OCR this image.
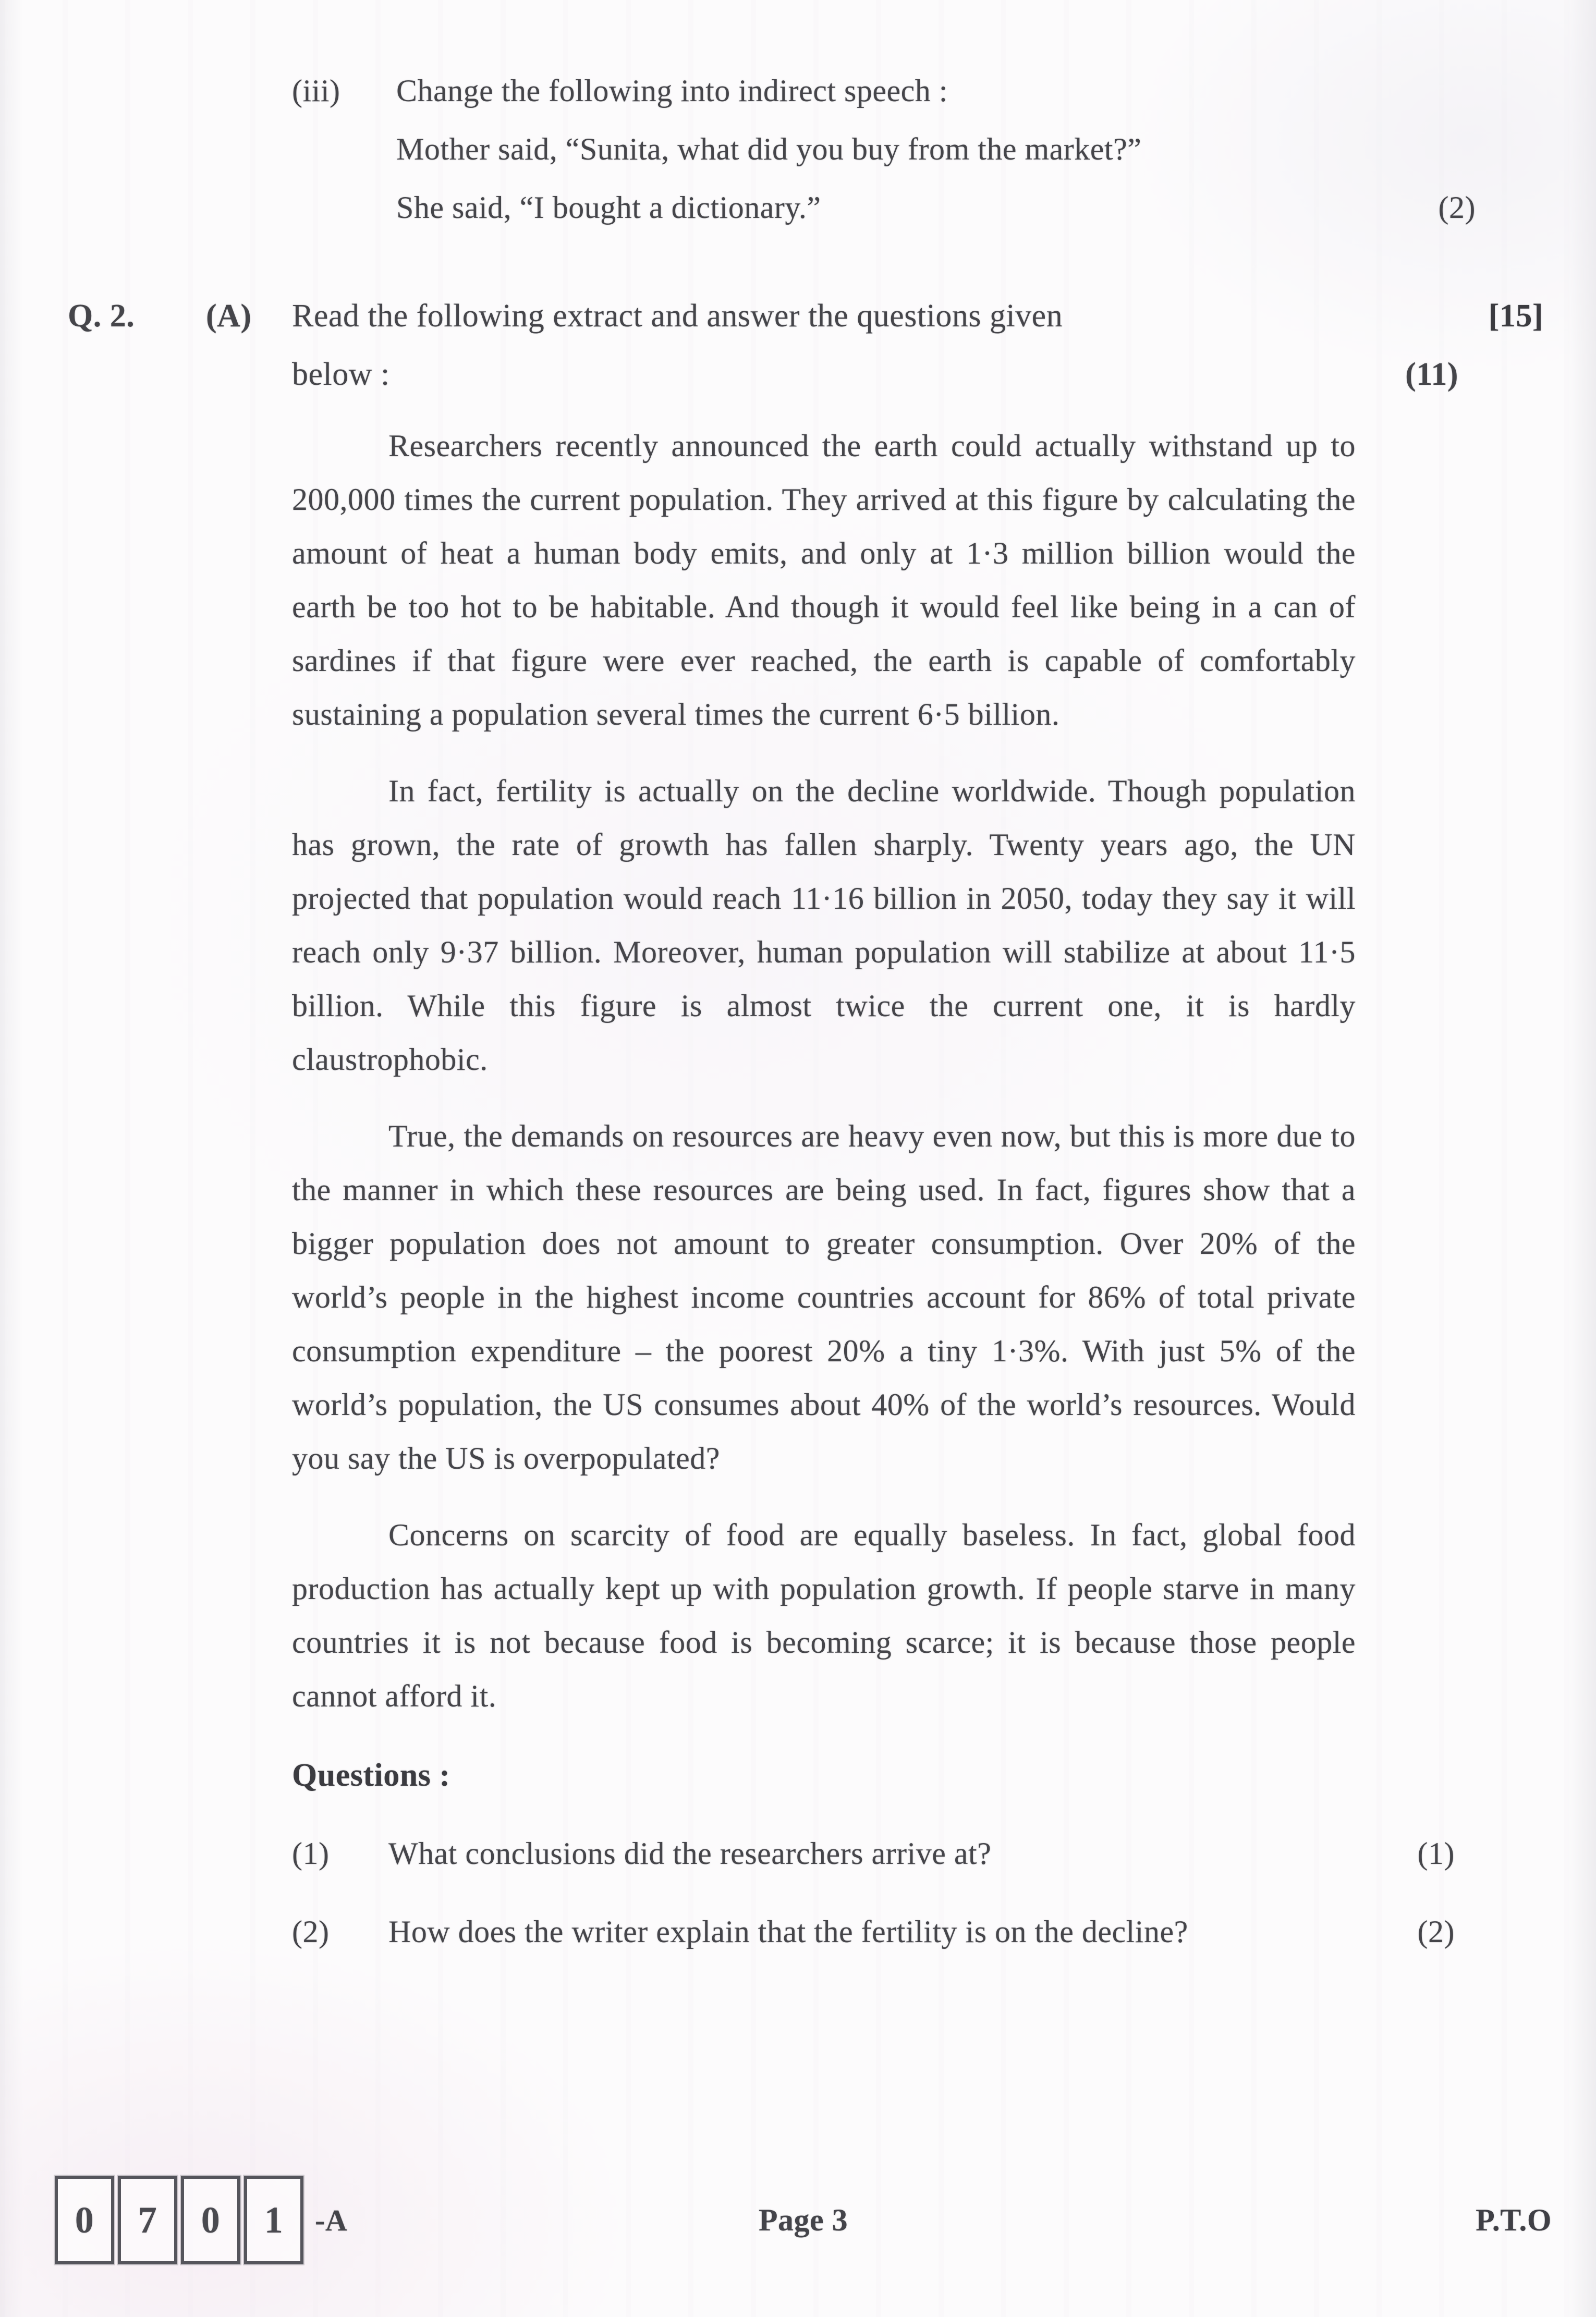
(iii)	Change the following into indirect speech :
Mother said, “Sunita, what did you buy from the market?”
She said, “I bought a dictionary.”	(2)
Q. 2.	(A)	Read the following extract and answer the questions given	[15]
below :	(11)

Researchers recently announced the earth could actually withstand up to 200,000 times the current population. They arrived at this figure by calculating the amount of heat a human body emits, and only at 1·3 million billion would the earth be too hot to be habitable. And though it would feel like being in a can of sardines if that figure were ever reached, the earth is capable of comfortably sustaining a population several times the current 6·5 billion.

In fact, fertility is actually on the decline worldwide. Though population has grown, the rate of growth has fallen sharply. Twenty years ago, the UN projected that population would reach 11·16 billion in 2050, today they say it will reach only 9·37 billion. Moreover, human population will stabilize at about 11·5 billion. While this figure is almost twice the current one, it is hardly claustrophobic.

True, the demands on resources are heavy even now, but this is more due to the manner in which these resources are being used. In fact, figures show that a bigger population does not amount to greater consumption. Over 20% of the world’s people in the highest income countries account for 86% of total private consumption expenditure – the poorest 20% a tiny 1·3%. With just 5% of the world’s population, the US consumes about 40% of the world’s resources. Would you say the US is overpopulated?

Concerns on scarcity of food are equally baseless. In fact, global food production has actually kept up with population growth. If people starve in many countries it is not because food is becoming scarce; it is because those people cannot afford it.

Questions :
(1)	What conclusions did the researchers arrive at?	(1)
(2)	How does the writer explain that the fertility is on the decline?	(2)
0	7	0	1	-A	Page 3	P.T.O
